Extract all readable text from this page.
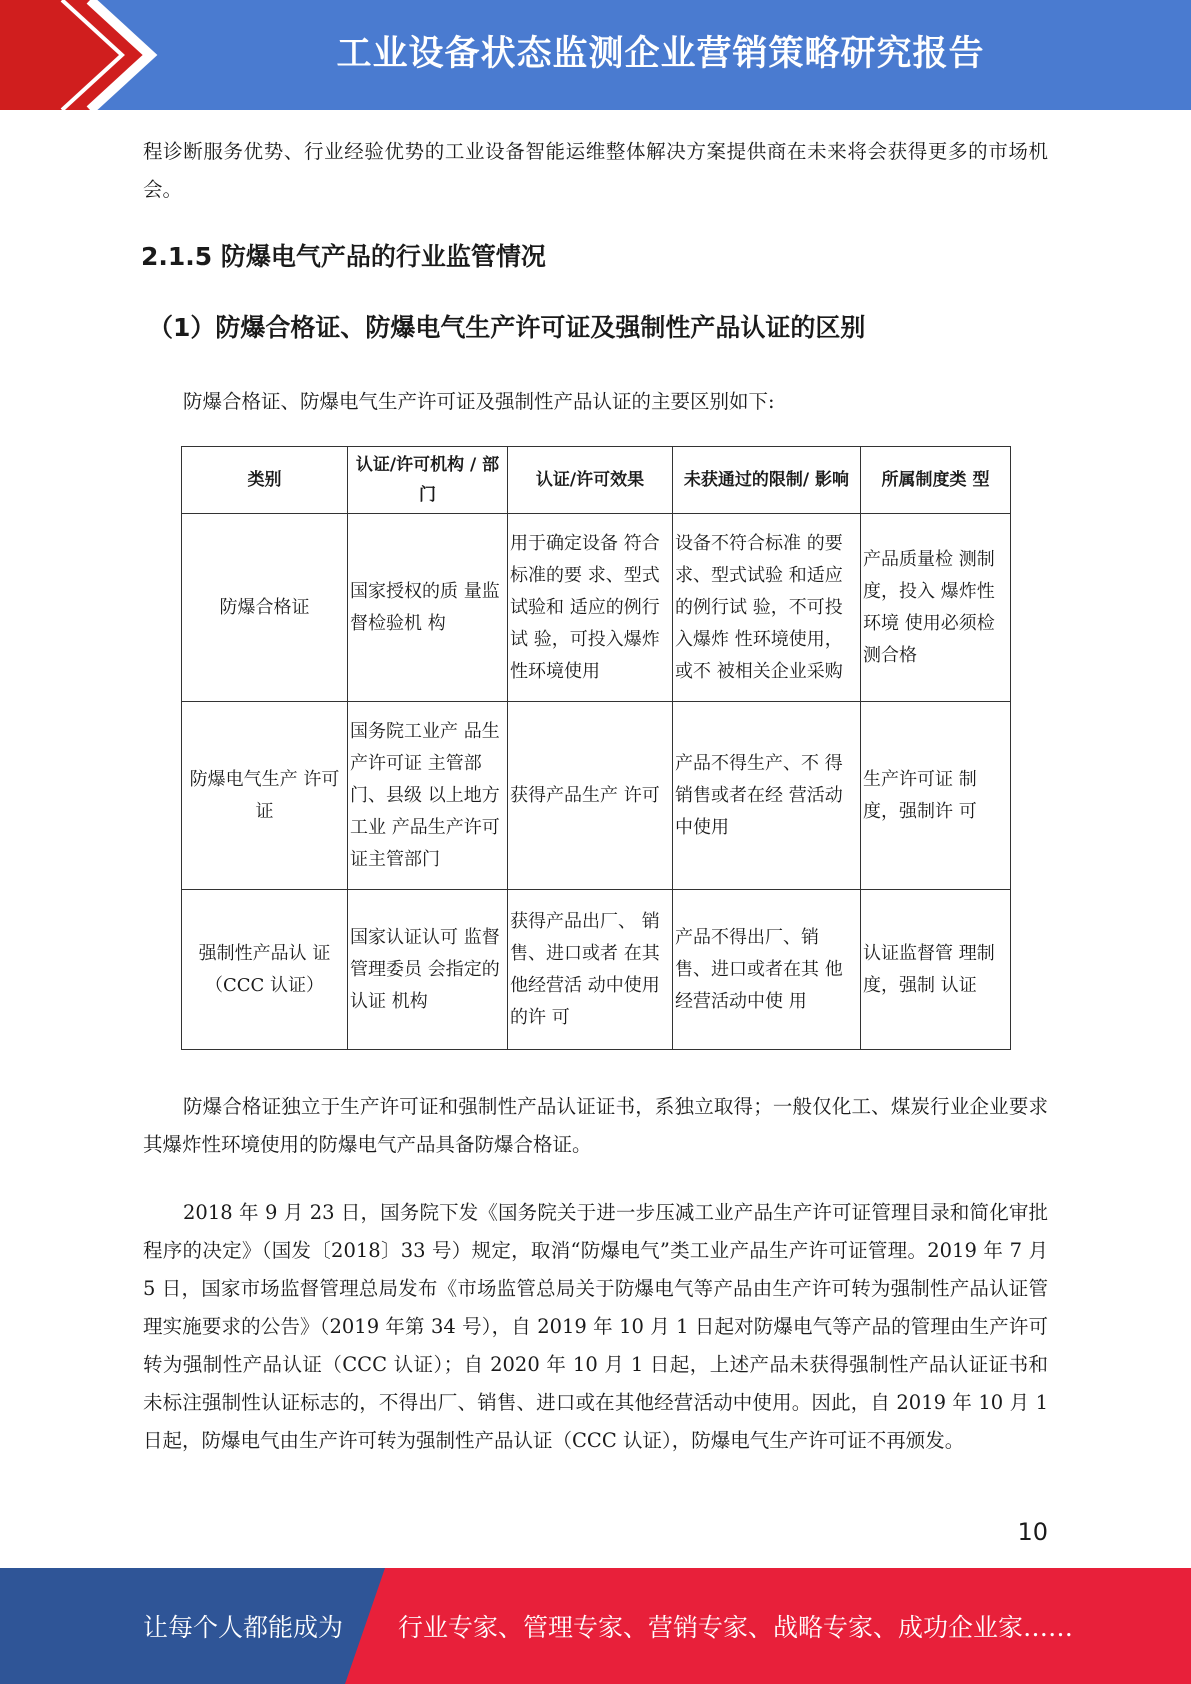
工业设备状态监测企业营销策略研究报告

程诊断服务优势、行业经验优势的工业设备智能运维整体解决方案提供商在未来将会获得更多的市场机会。

2.1.5 防爆电气产品的行业监管情况
（1）防爆合格证、防爆电气生产许可证及强制性产品认证的区别

防爆合格证、防爆电气生产许可证及强制性产品认证的主要区别如下:

类别	认证/许可机构 / 部门	认证/许可效果	未获通过的限制/ 影响	所属制度类 型
防爆合格证	国家授权的质 量监督检验机 构	用于确定设备 符合标准的要 求、型式试验和 适应的例行试 验，可投入爆炸 性环境使用	设备不符合标准 的要求、型式试验 和适应的例行试 验，不可投入爆炸 性环境使用，或不 被相关企业采购	产品质量检 测制度，投入 爆炸性环境 使用必须检 测合格
防爆电气生产 许可证	国务院工业产 品生产许可证 主管部门、县级 以上地方工业 产品生产许可 证主管部门	获得产品生产 许可	产品不得生产、不 得销售或者在经 营活动中使用	生产许可证 制度，强制许 可
强制性产品认 证（CCC 认证）	国家认证认可 监督管理委员 会指定的认证 机构	获得产品出厂、 销售、进口或者 在其他经营活 动中使用的许 可	产品不得出厂、销 售、进口或者在其 他经营活动中使 用	认证监督管 理制度，强制 认证

防爆合格证独立于生产许可证和强制性产品认证证书，系独立取得；一般仅化工、煤炭行业企业要求其爆炸性环境使用的防爆电气产品具备防爆合格证。

2018 年 9 月 23 日，国务院下发《国务院关于进一步压减工业产品生产许可证管理目录和简化审批程序的决定》（国发〔2018〕33 号）规定，取消“防爆电气”类工业产品生产许可证管理。2019 年 7 月 5 日，国家市场监督管理总局发布《市场监管总局关于防爆电气等产品由生产许可转为强制性产品认证管理实施要求的公告》（2019 年第 34 号），自 2019 年 10 月 1 日起对防爆电气等产品的管理由生产许可转为强制性产品认证（CCC 认证）；自 2020 年 10 月 1 日起，上述产品未获得强制性产品认证证书和未标注强制性认证标志的，不得出厂、销售、进口或在其他经营活动中使用。因此，自 2019 年 10 月 1 日起，防爆电气由生产许可转为强制性产品认证（CCC 认证），防爆电气生产许可证不再颁发。

10
让每个人都能成为 行业专家、管理专家、营销专家、战略专家、成功企业家……
